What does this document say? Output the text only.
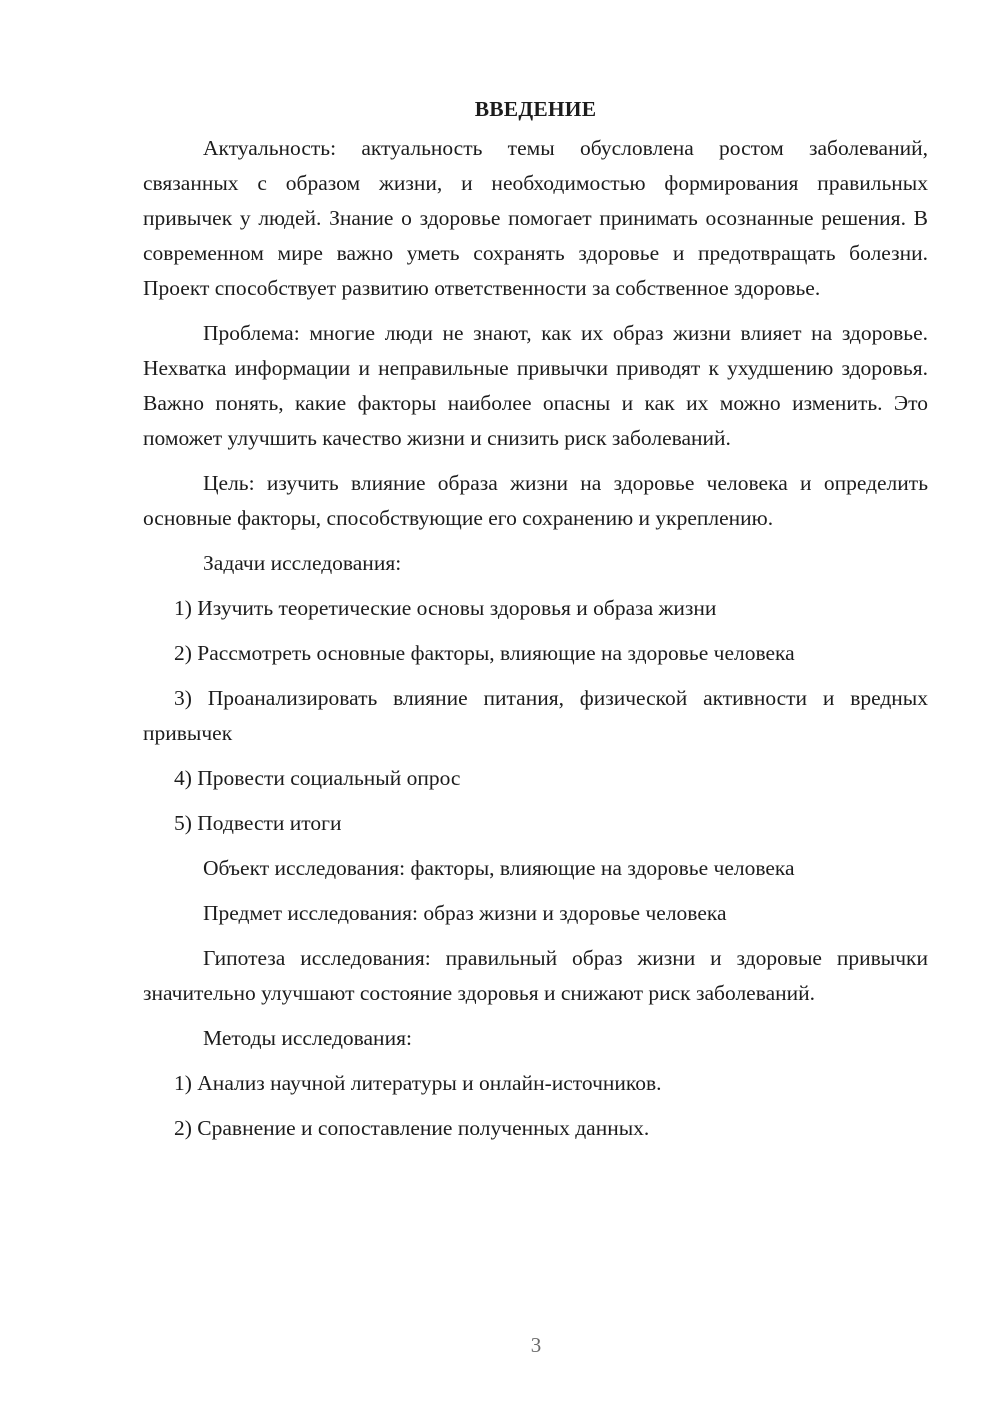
ВВЕДЕНИЕ

Актуальность: актуальность темы обусловлена ростом заболеваний, связанных с образом жизни, и необходимостью формирования правильных привычек у людей. Знание о здоровье помогает принимать осознанные решения. В современном мире важно уметь сохранять здоровье и предотвращать болезни. Проект способствует развитию ответственности за собственное здоровье.

Проблема: многие люди не знают, как их образ жизни влияет на здоровье. Нехватка информации и неправильные привычки приводят к ухудшению здоровья. Важно понять, какие факторы наиболее опасны и как их можно изменить. Это поможет улучшить качество жизни и снизить риск заболеваний.

Цель: изучить влияние образа жизни на здоровье человека и определить основные факторы, способствующие его сохранению и укреплению.

Задачи исследования:

1) Изучить теоретические основы здоровья и образа жизни

2) Рассмотреть основные факторы, влияющие на здоровье человека

3) Проанализировать влияние питания, физической активности и вредных привычек

4) Провести социальный опрос

5) Подвести итоги

Объект исследования: факторы, влияющие на здоровье человека

Предмет исследования: образ жизни и здоровье человека

Гипотеза исследования: правильный образ жизни и здоровые привычки значительно улучшают состояние здоровья и снижают риск заболеваний.

Методы исследования:

1) Анализ научной литературы и онлайн-источников.

2) Сравнение и сопоставление полученных данных.

3
